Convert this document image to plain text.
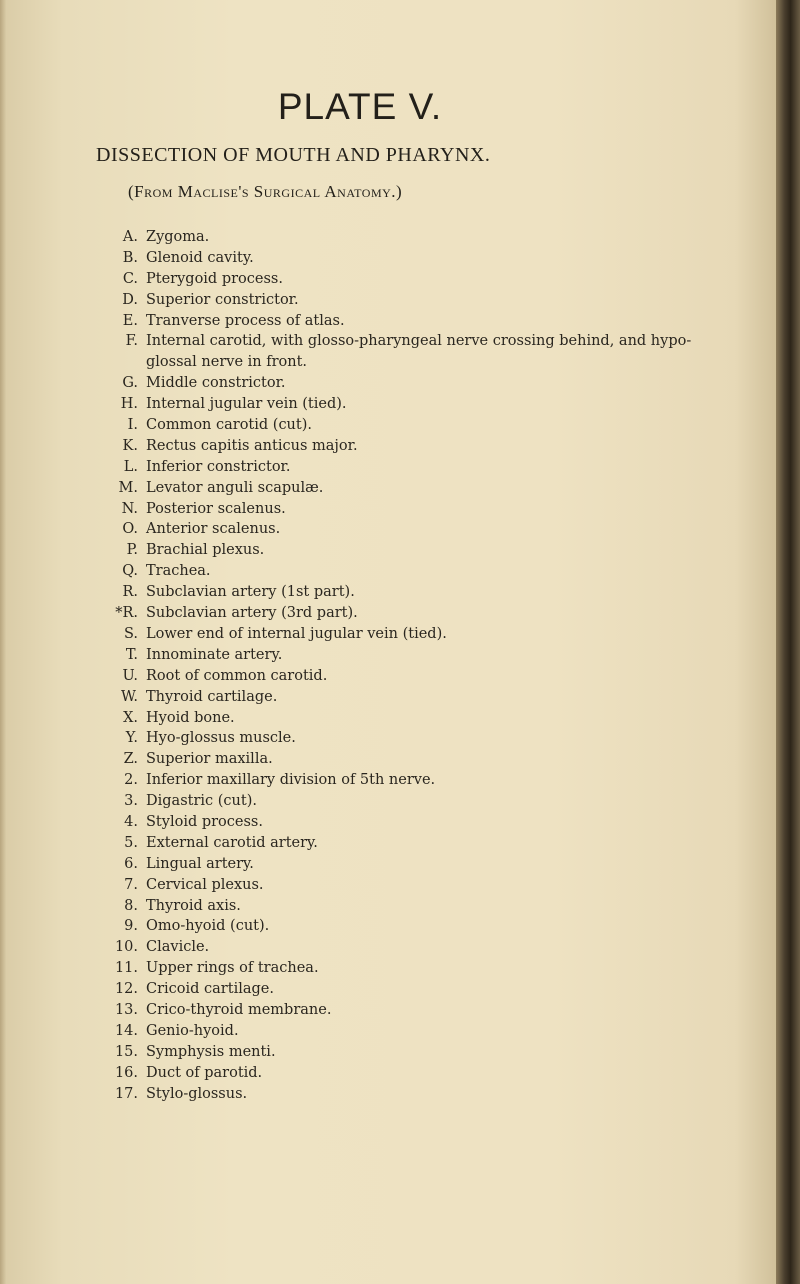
PLATE V.
DISSECTION OF MOUTH AND PHARYNX.
(From Maclise's Surgical Anatomy.)
A. Zygoma.
B. Glenoid cavity.
C. Pterygoid process.
D. Superior constrictor.
E. Tranverse process of atlas.
F. Internal carotid, with glosso-pharyngeal nerve crossing behind, and hypo-glossal nerve in front.
G. Middle constrictor.
H. Internal jugular vein (tied).
I. Common carotid (cut).
K. Rectus capitis anticus major.
L. Inferior constrictor.
M. Levator anguli scapulæ.
N. Posterior scalenus.
O. Anterior scalenus.
P. Brachial plexus.
Q. Trachea.
R. Subclavian artery (1st part).
*R. Subclavian artery (3rd part).
S. Lower end of internal jugular vein (tied).
T. Innominate artery.
U. Root of common carotid.
W. Thyroid cartilage.
X. Hyoid bone.
Y. Hyo-glossus muscle.
Z. Superior maxilla.
2. Inferior maxillary division of 5th nerve.
3. Digastric (cut).
4. Styloid process.
5. External carotid artery.
6. Lingual artery.
7. Cervical plexus.
8. Thyroid axis.
9. Omo-hyoid (cut).
10. Clavicle.
11. Upper rings of trachea.
12. Cricoid cartilage.
13. Crico-thyroid membrane.
14. Genio-hyoid.
15. Symphysis menti.
16. Duct of parotid.
17. Stylo-glossus.
